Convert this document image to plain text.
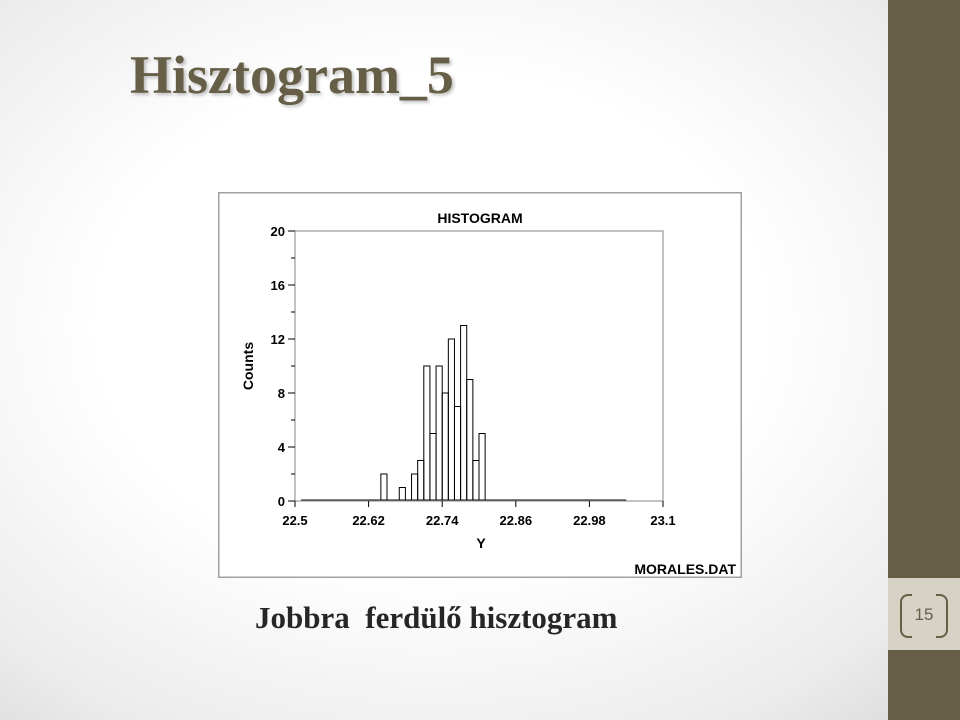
15
Hisztogram_5
HISTOGRAM
0
4
8
12
16
20
22.5	22.62	22.74	22.86	22.98	23.1
Counts
Y
MORALES.DAT

Jobbra  ferdülő hisztogram
